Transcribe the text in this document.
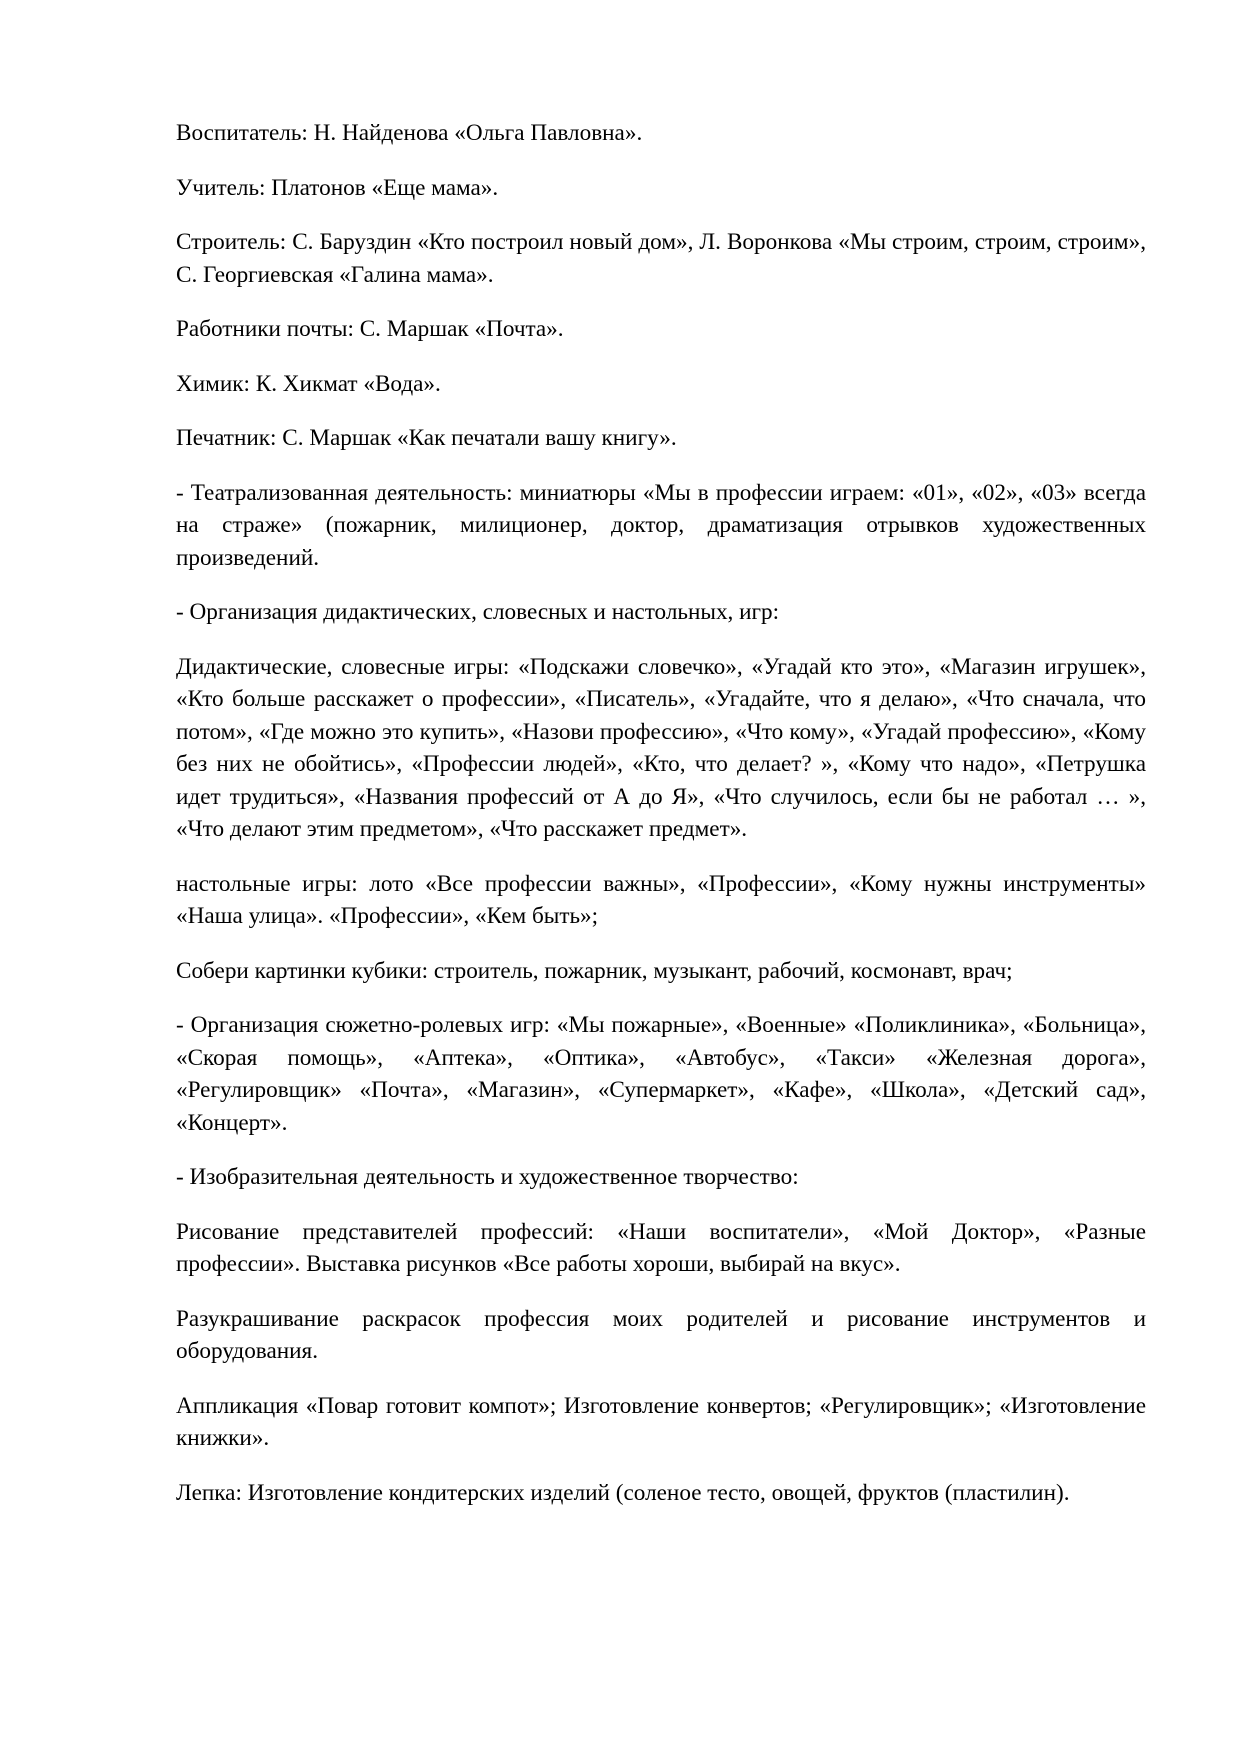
Воспитатель: Н. Найденова «Ольга Павловна».

Учитель: Платонов «Еще мама».

Строитель: С. Баруздин «Кто построил новый дом», Л. Воронкова «Мы строим, строим, строим», С. Георгиевская «Галина мама».

Работники почты: С. Маршак «Почта».

Химик: К. Хикмат «Вода».

Печатник: С. Маршак «Как печатали вашу книгу».

- Театрализованная деятельность: миниатюры «Мы в профессии играем: «01», «02», «03» всегда на страже» (пожарник, милиционер, доктор, драматизация отрывков художественных произведений.

- Организация дидактических, словесных и настольных, игр:

Дидактические, словесные игры: «Подскажи словечко», «Угадай кто это», «Магазин игрушек», «Кто больше расскажет о профессии», «Писатель», «Угадайте, что я делаю», «Что сначала, что потом», «Где можно это купить», «Назови профессию», «Что кому», «Угадай профессию», «Кому без них не обойтись», «Профессии людей», «Кто, что делает? », «Кому что надо», «Петрушка идет трудиться», «Названия профессий от А до Я», «Что случилось, если бы не работал … », «Что делают этим предметом», «Что расскажет предмет».

настольные игры: лото «Все профессии важны», «Профессии», «Кому нужны инструменты» «Наша улица». «Профессии», «Кем быть»;

Собери картинки кубики: строитель, пожарник, музыкант, рабочий, космонавт, врач;

- Организация сюжетно-ролевых игр: «Мы пожарные», «Военные» «Поликлиника», «Больница», «Скорая помощь», «Аптека», «Оптика», «Автобус», «Такси» «Железная дорога», «Регулировщик» «Почта», «Магазин», «Супермаркет», «Кафе», «Школа», «Детский сад», «Концерт».

- Изобразительная деятельность и художественное творчество:

Рисование представителей профессий: «Наши воспитатели», «Мой Доктор», «Разные профессии». Выставка рисунков «Все работы хороши, выбирай на вкус».

Разукрашивание раскрасок профессия моих родителей и рисование инструментов и оборудования.

Аппликация «Повар готовит компот»; Изготовление конвертов; «Регулировщик»; «Изготовление книжки».

Лепка: Изготовление кондитерских изделий (соленое тесто, овощей, фруктов (пластилин).
